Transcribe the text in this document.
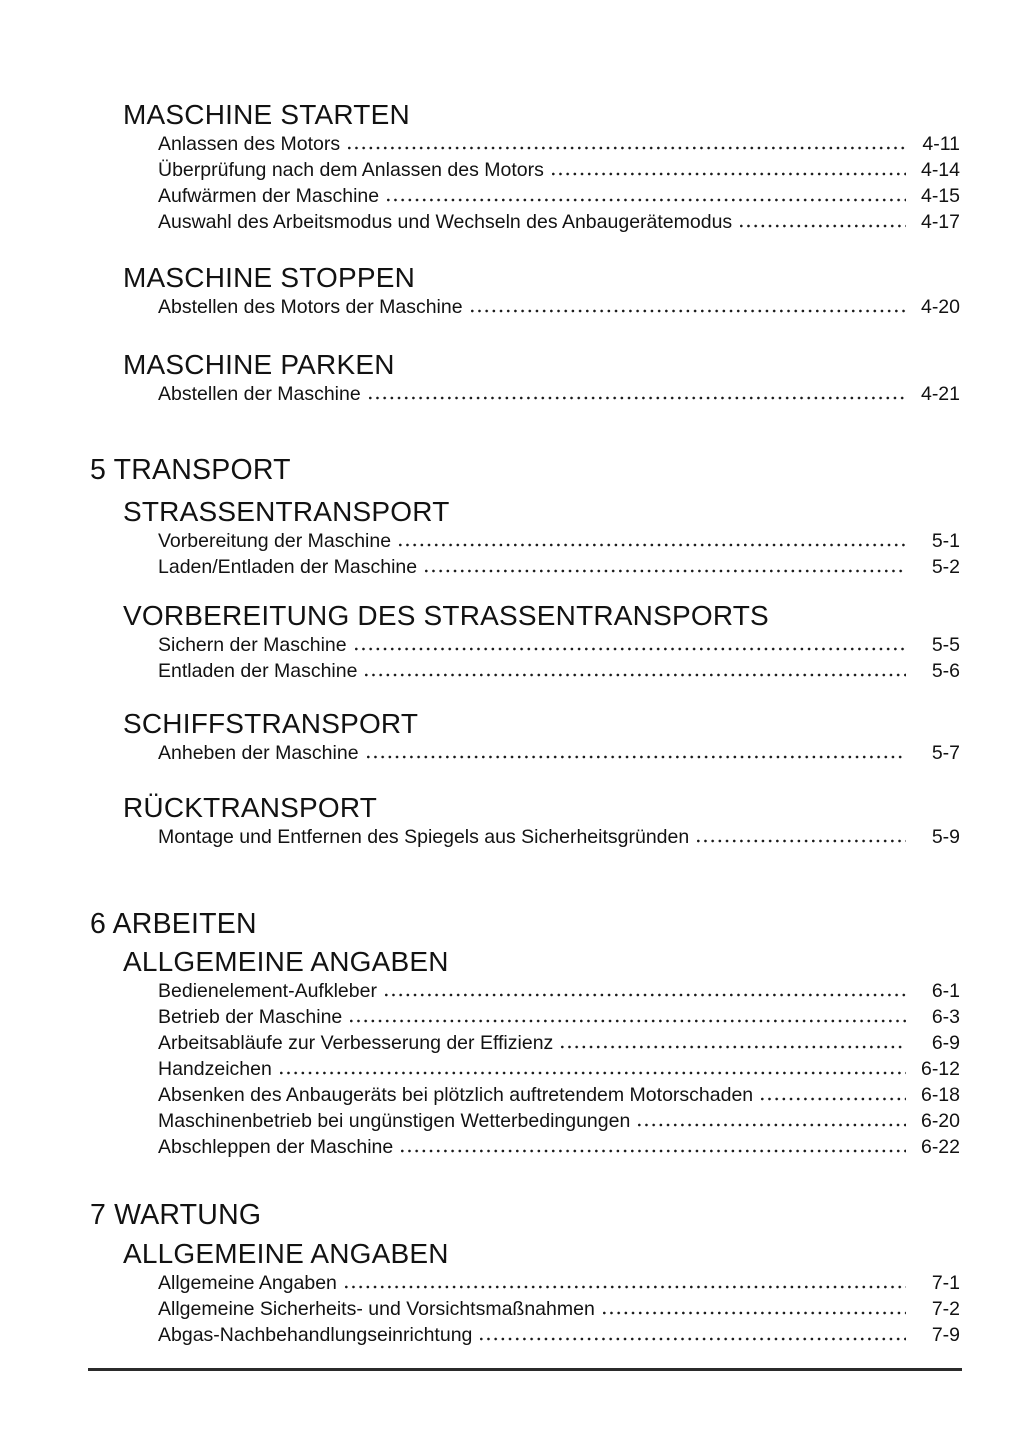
MASCHINE STARTEN
Anlassen des Motors	4-11
Überprüfung nach dem Anlassen des Motors	4-14
Aufwärmen der Maschine	4-15
Auswahl des Arbeitsmodus und Wechseln des Anbaugerätemodus	4-17
MASCHINE STOPPEN
Abstellen des Motors der Maschine	4-20
MASCHINE PARKEN
Abstellen der Maschine	4-21
5 TRANSPORT
STRASSENTRANSPORT
Vorbereitung der Maschine	5-1
Laden/Entladen der Maschine	5-2
VORBEREITUNG DES STRASSENTRANSPORTS
Sichern der Maschine	5-5
Entladen der Maschine	5-6
SCHIFFSTRANSPORT
Anheben der Maschine	5-7
RÜCKTRANSPORT
Montage und Entfernen des Spiegels aus Sicherheitsgründen	5-9
6 ARBEITEN
ALLGEMEINE ANGABEN
Bedienelement-Aufkleber	6-1
Betrieb der Maschine	6-3
Arbeitsabläufe zur Verbesserung der Effizienz	6-9
Handzeichen	6-12
Absenken des Anbaugeräts bei plötzlich auftretendem Motorschaden	6-18
Maschinenbetrieb bei ungünstigen Wetterbedingungen	6-20
Abschleppen der Maschine	6-22
7 WARTUNG
ALLGEMEINE ANGABEN
Allgemeine Angaben	7-1
Allgemeine Sicherheits- und Vorsichtsmaßnahmen	7-2
Abgas-Nachbehandlungseinrichtung	7-9
